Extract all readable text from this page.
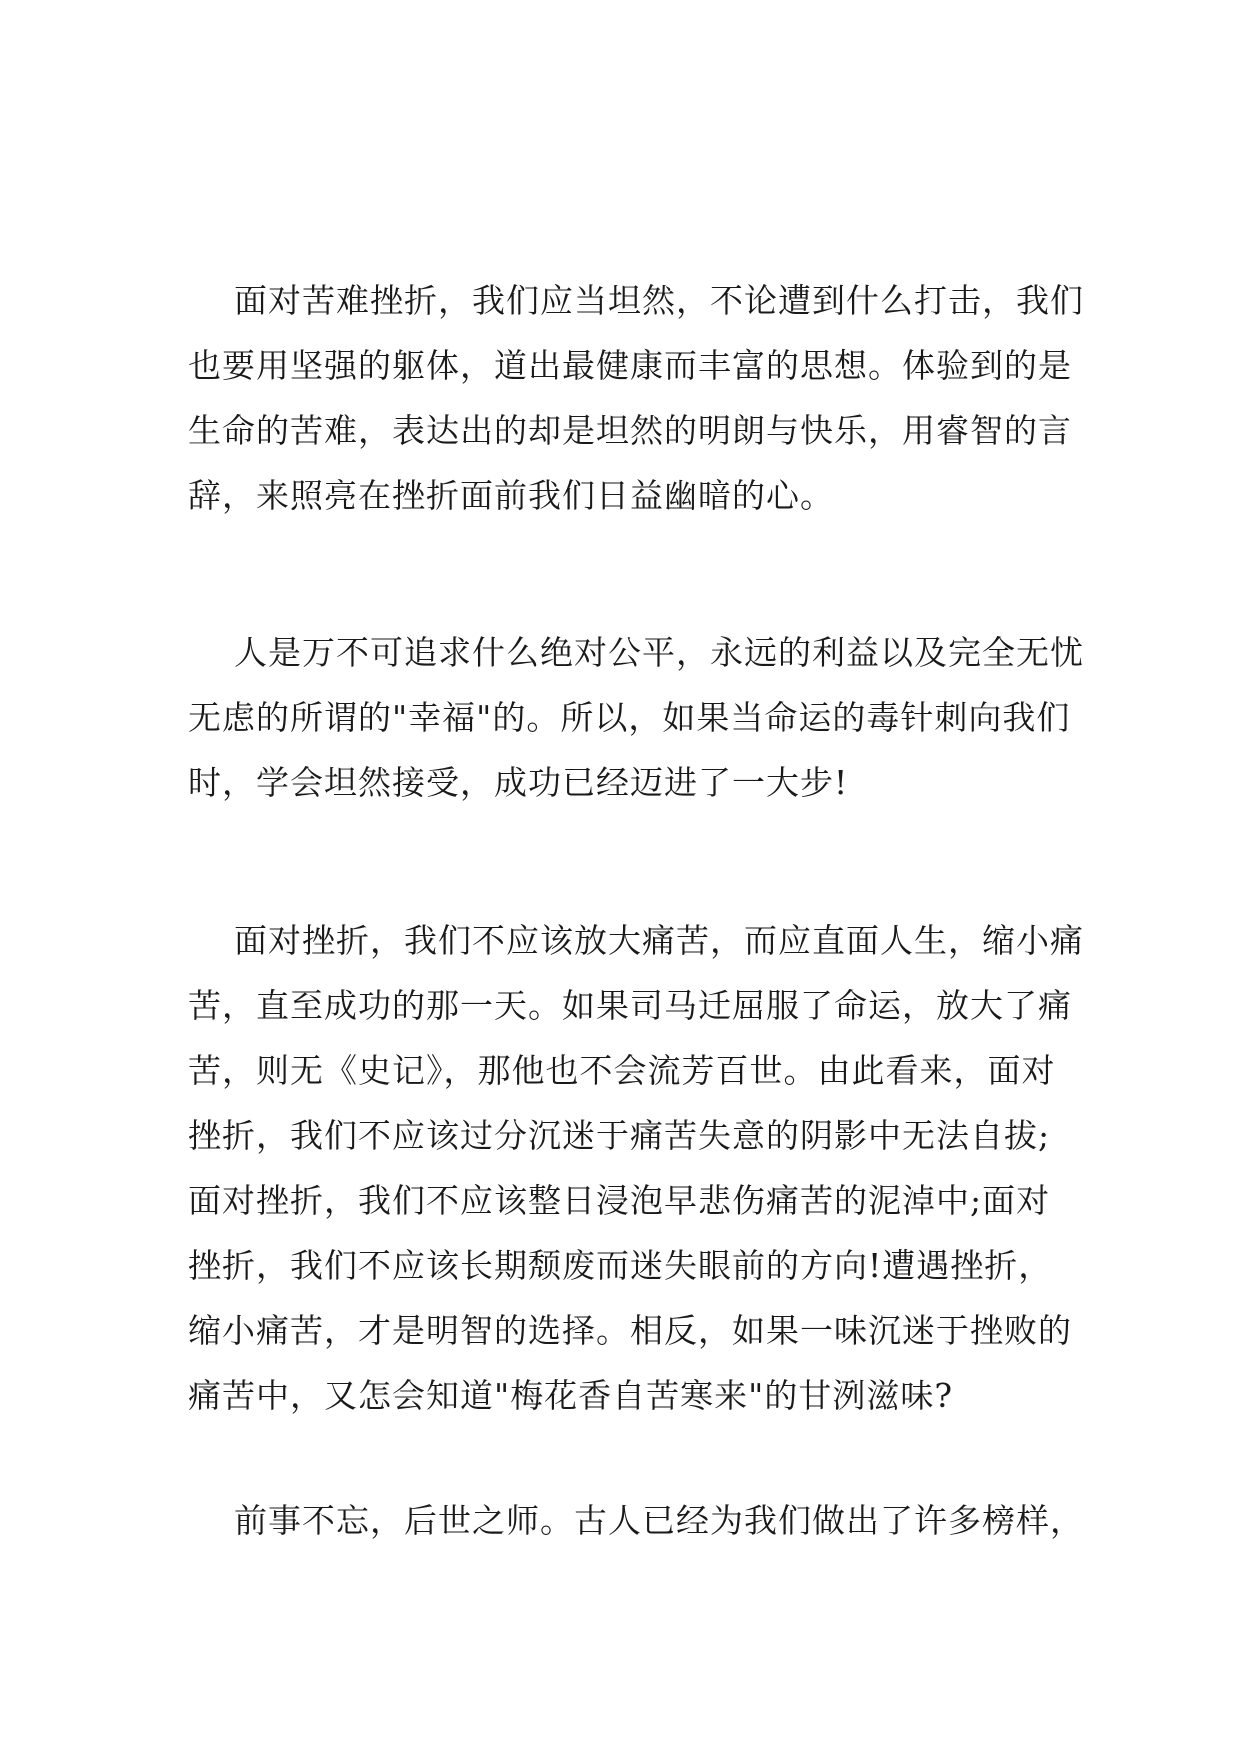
面对苦难挫折，我们应当坦然，不论遭到什么打击，我们
也要用坚强的躯体，道出最健康而丰富的思想。体验到的是
生命的苦难，表达出的却是坦然的明朗与快乐，用睿智的言
辞，来照亮在挫折面前我们日益幽暗的心。
人是万不可追求什么绝对公平，永远的利益以及完全无忧
无虑的所谓的"幸福"的。所以，如果当命运的毒针刺向我们
时，学会坦然接受，成功已经迈进了一大步!
面对挫折，我们不应该放大痛苦，而应直面人生，缩小痛
苦，直至成功的那一天。如果司马迁屈服了命运，放大了痛
苦，则无《史记》，那他也不会流芳百世。由此看来，面对
挫折，我们不应该过分沉迷于痛苦失意的阴影中无法自拔;
面对挫折，我们不应该整日浸泡早悲伤痛苦的泥淖中;面对
挫折，我们不应该长期颓废而迷失眼前的方向!遭遇挫折，
缩小痛苦，才是明智的选择。相反，如果一味沉迷于挫败的
痛苦中，又怎会知道"梅花香自苦寒来"的甘洌滋味?
前事不忘，后世之师。古人已经为我们做出了许多榜样，
